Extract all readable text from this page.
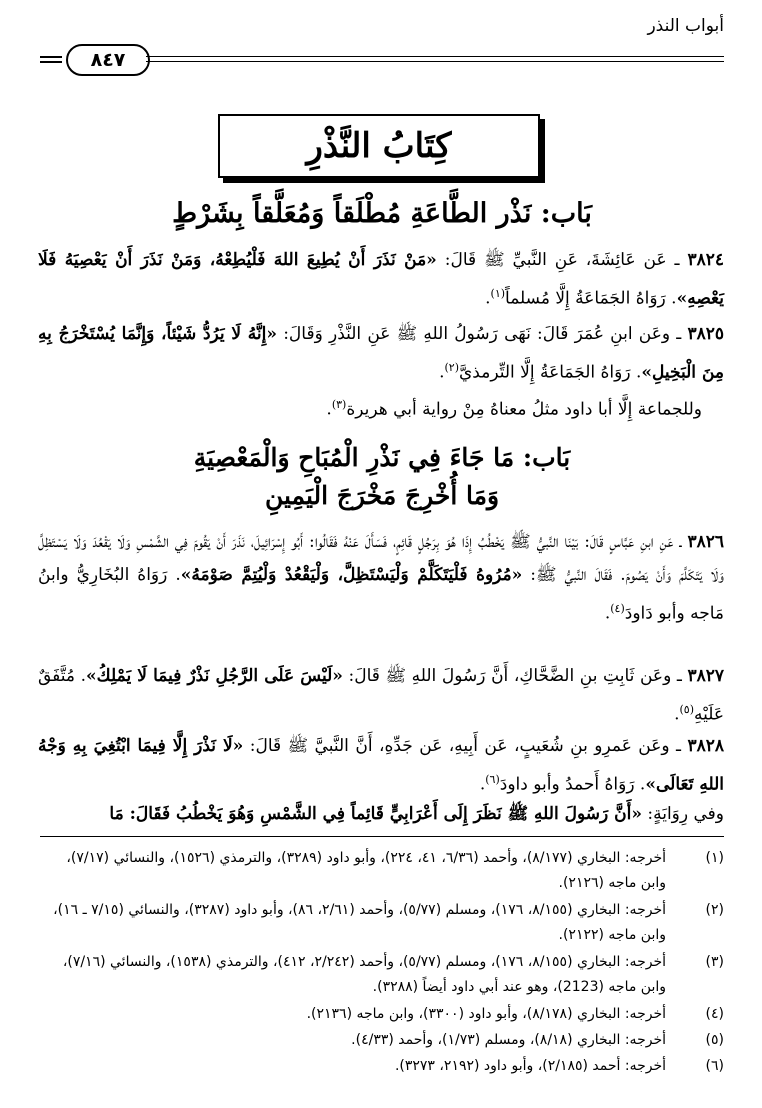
أبواب النذر
٨٤٧
كِتَابُ النَّذْرِ
بَاب: نَذْر الطَّاعَةِ مُطْلَقاً وَمُعَلَّقاً بِشَرْطٍ
٣٨٢٤ ـ عَن عَائِشَةَ، عَنِ النَّبيِّ ﷺ قَالَ: «مَنْ نَذَرَ أَنْ يُطِيعَ اللهَ فَلْيُطِعْهُ، وَمَنْ نَذَرَ أَنْ يَعْصِيَهُ فَلَا يَعْصِهِ». رَوَاهُ الجَمَاعَةُ إِلَّا مُسلماً$^{(١)}$.
٣٨٢٥ ـ وعَن ابنِ عُمَرَ قَالَ: نَهَى رَسُولُ اللهِ ﷺ عَنِ النَّذْرِ وَقَالَ: «إِنَّهُ لَا يَرُدُّ شَيْئاً، وَإِنَّمَا يُسْتَخْرَجُ بِهِ مِنَ الْبَخِيلِ». رَوَاهُ الجَمَاعَةُ إِلَّا التِّرمذيَّ$^{(٢)}$.
وللجماعة إِلَّا أبا داود مثلُ معناهُ مِنْ رواية أبي هريرة$^{(٣)}$.
بَاب: مَا جَاءَ فِي نَذْرِ الْمُبَاحِ وَالْمَعْصِيَةِ
وَمَا أُخْرِجَ مَخْرَجَ الْيَمِينِ
٣٨٢٦ ـ عَنِ ابنِ عَبَّاسٍ قَالَ: بَيْنَا النَّبيُّ ﷺ يَخْطُبُ إِذَا هُوَ بِرَجُلٍ قَائِمٍ، فَسَأَلَ عَنْهُ فَقَالُوا: أَبُو إِسْرَائِيلَ، نَذَرَ أَنْ يَقُومَ فِي الشَّمْسِ وَلَا يَقْعُدَ وَلَا يَسْتَظِلَّ وَلَا يَتَكَلَّمَ وَأَنْ يَصُومَ. فَقَالَ النَّبيُّ ﷺ: «مُرُوهُ فَلْيَتَكَلَّمْ وَلْيَسْتَظِلَّ، وَلْيَقْعُدْ وَلْيُتِمَّ صَوْمَهُ». رَوَاهُ البُخَارِيُّ وابنُ مَاجه وأبو دَاودَ$^{(٤)}$.
٣٨٢٧ ـ وعَن ثَابِتِ بنِ الضَّحَّاكِ، أَنَّ رَسُولَ اللهِ ﷺ قَالَ: «لَيْسَ عَلَى الرَّجُلِ نَذْرٌ فِيمَا لَا يَمْلِكُ». مُتَّفَقٌ عَلَيْهِ$^{(٥)}$.
٣٨٢٨ ـ وعَن عَمرِو بنِ شُعَيبٍ، عَن أَبِيهِ، عَن جَدِّهِ، أَنَّ النَّبيَّ ﷺ قَالَ: «لَا نَذْرَ إِلَّا فِيمَا ابْتُغِيَ بِهِ وَجْهُ اللهِ تَعَالَى». رَوَاهُ أَحمدُ وأبو داودَ$^{(٦)}$.
وفي رِوَايَةٍ: «أَنَّ رَسُولَ اللهِ ﷺ نَظَرَ إِلَى أَعْرَابِيٍّ قَائِماً فِي الشَّمْسِ وَهُوَ يَخْطُبُ فَقَالَ: مَا
(١)
أخرجه: البخاري (٨/١٧٧)، وأحمد (٦/٣٦، ٤١، ٢٢٤)، وأبو داود (٣٢٨٩)، والترمذي (١٥٢٦)، والنسائي (٧/١٧)، وابن ماجه (٢١٢٦).
(٢)
أخرجه: البخاري (٨/١٥٥، ١٧٦)، ومسلم (٥/٧٧)، وأحمد (٢/٦١، ٨٦)، وأبو داود (٣٢٨٧)، والنسائي (٧/١٥ ـ ١٦)، وابن ماجه (٢١٢٢).
(٣)
أخرجه: البخاري (٨/١٥٥، ١٧٦)، ومسلم (٥/٧٧)، وأحمد (٢/٢٤٢، ٤١٢)، والترمذي (١٥٣٨)، والنسائي (٧/١٦)، وابن ماجه (2123)، وهو عند أبي داود أيضاً (٣٢٨٨).
(٤)
أخرجه: البخاري (٨/١٧٨)، وأبو داود (٣٣٠٠)، وابن ماجه (٢١٣٦).
(٥)
أخرجه: البخاري (٨/١٨)، ومسلم (١/٧٣)، وأحمد (٤/٣٣).
(٦)
أخرجه: أحمد (٢/١٨٥)، وأبو داود (٢١٩٢، ٣٢٧٣).
